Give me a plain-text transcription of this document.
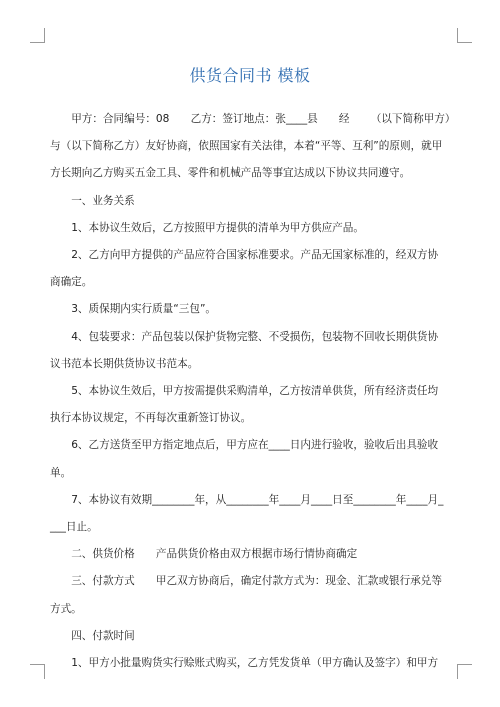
供货合同书 模板

甲方：合同编号：08	乙方：签订地点：张____县	经	（以下简称甲方）

与（以下简称乙方）友好协商，依照国家有关法律，本着“平等、互利”的原则，就甲

方长期向乙方购买五金工具、零件和机械产品等事宜达成以下协议共同遵守。

一、业务关系

1、本协议生效后，乙方按照甲方提供的清单为甲方供应产品。

2、乙方向甲方提供的产品应符合国家标准要求。产品无国家标准的，经双方协

商确定。

3、质保期内实行质量“三包”。

4、包装要求：产品包装以保护货物完整、不受损伤，包装物不回收长期供货协

议书范本长期供货协议书范本。

5、本协议生效后，甲方按需提供采购清单，乙方按清单供货，所有经济责任均

执行本协议规定，不再每次重新签订协议。

6、乙方送货至甲方指定地点后，甲方应在____日内进行验收，验收后出具验收

单。

7、本协议有效期________年，从________年____月____日至________年____月_

___日止。

二、供货价格　　产品供货价格由双方根据市场行情协商确定

三、付款方式　　甲乙双方协商后，确定付款方式为：现金、汇款或银行承兑等

方式。

四、付款时间

1、甲方小批量购货实行赊账式购买，乙方凭发货单（甲方确认及签字）和甲方
